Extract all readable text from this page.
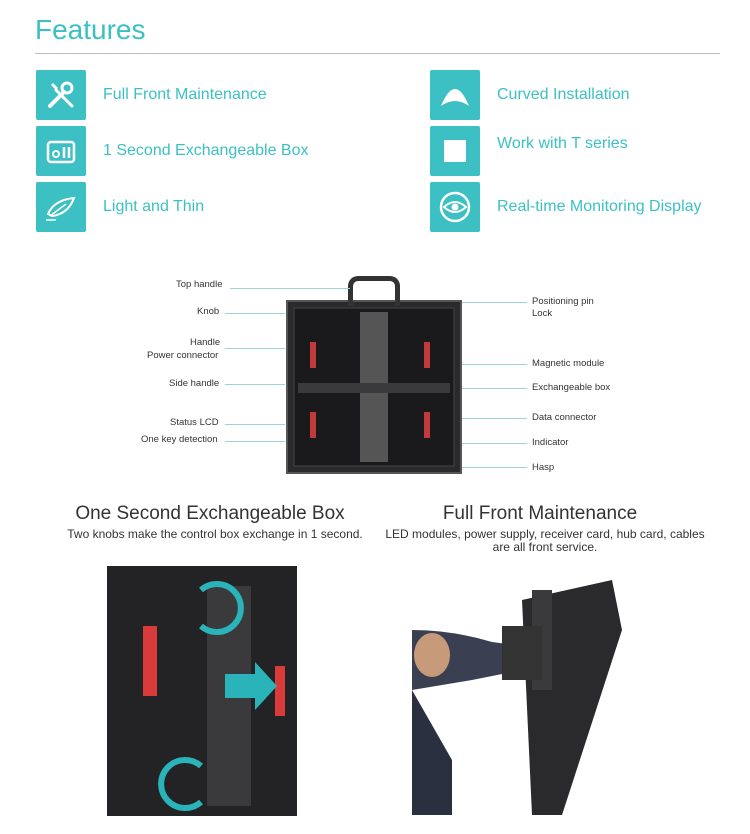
Features
Full Front Maintenance	Curved Installation
1 Second Exchangeable Box	Work with T series
Light and Thin	Real-time Monitoring Display
Top handle
Knob
Handle
Power connector
Side handle
Status LCD
One key detection
Positioning pin
Lock
Magnetic module
Exchangeable box
Data connector
Indicator
Hasp
One Second Exchangeable Box
Two knobs make the control box exchange in 1 second.
Full Front Maintenance
LED modules, power supply, receiver card, hub card, cables are all front service.
